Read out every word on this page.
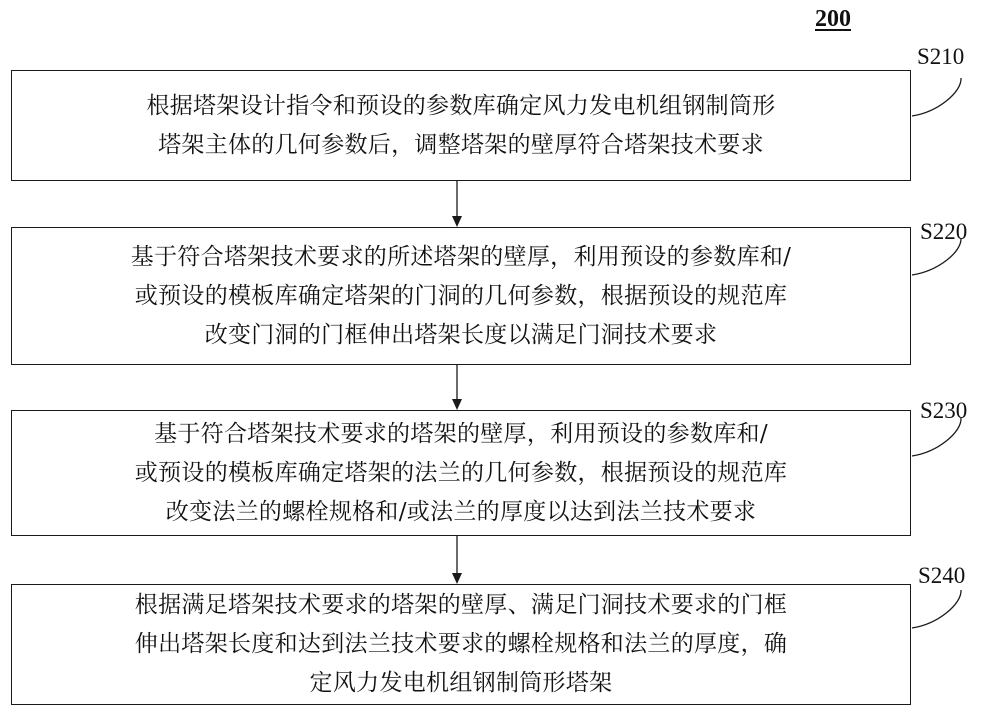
200
根据塔架设计指令和预设的参数库确定风力发电机组钢制筒形
塔架主体的几何参数后，调整塔架的壁厚符合塔架技术要求
S210
基于符合塔架技术要求的所述塔架的壁厚，利用预设的参数库和/
或预设的模板库确定塔架的门洞的几何参数，根据预设的规范库
改变门洞的门框伸出塔架长度以满足门洞技术要求
S220
基于符合塔架技术要求的塔架的壁厚，利用预设的参数库和/
或预设的模板库确定塔架的法兰的几何参数，根据预设的规范库
改变法兰的螺栓规格和/或法兰的厚度以达到法兰技术要求
S230
根据满足塔架技术要求的塔架的壁厚、满足门洞技术要求的门框
伸出塔架长度和达到法兰技术要求的螺栓规格和法兰的厚度，确
定风力发电机组钢制筒形塔架
S240
